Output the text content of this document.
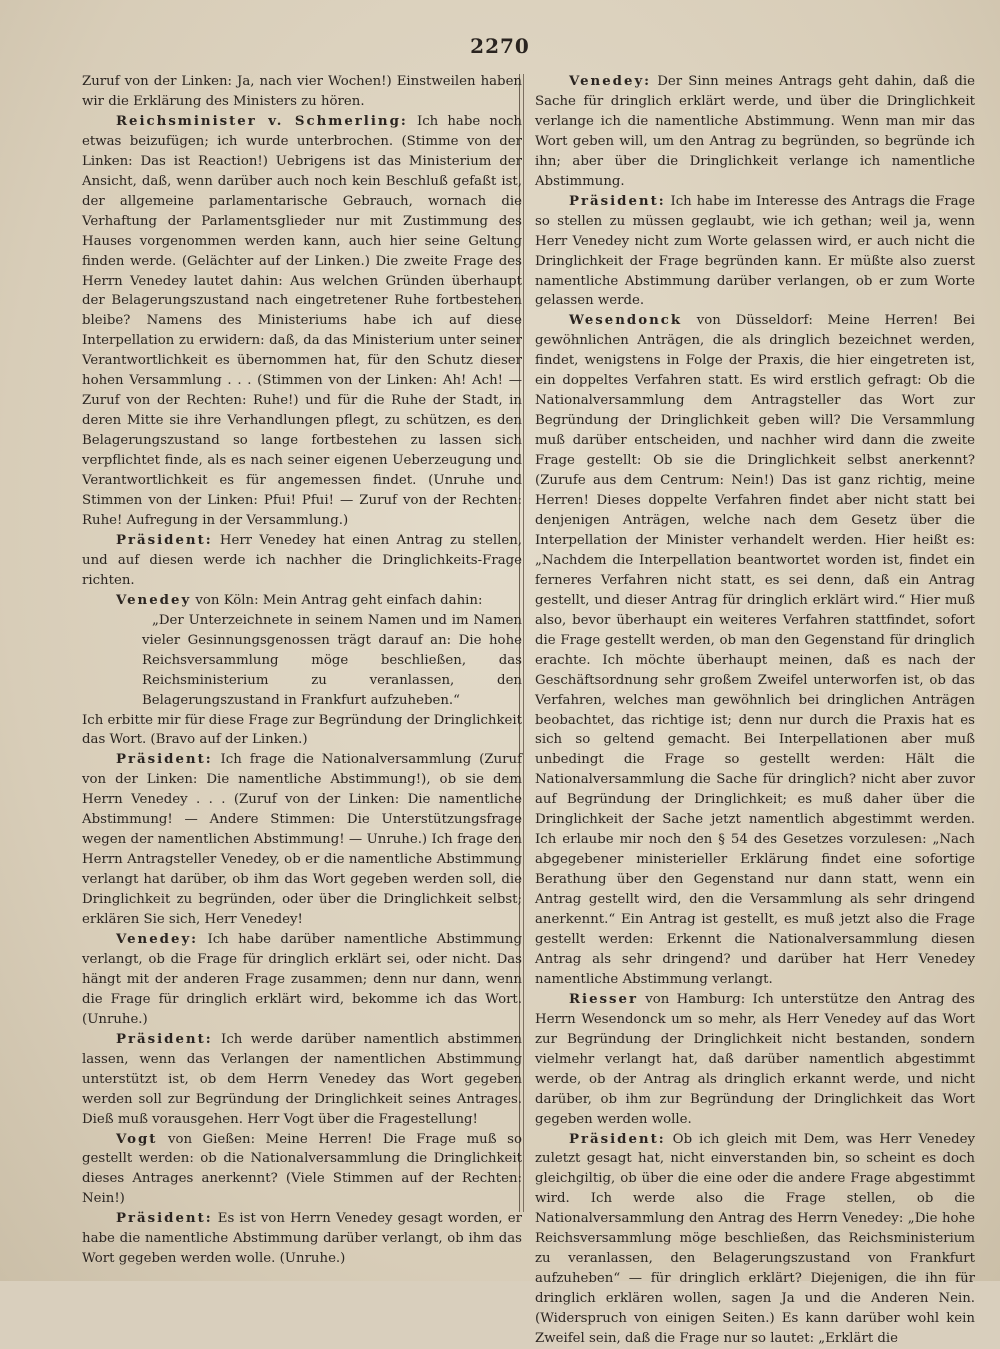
2270

Zuruf von der Linken: Ja, nach vier Wochen!) Einstweilen haben wir die Erklärung des Ministers zu hören.

Reichsminister v. Schmerling: Ich habe noch etwas beizufügen; ich wurde unterbrochen. (Stimme von der Linken: Das ist Reaction!) Uebrigens ist das Ministerium der Ansicht, daß, wenn darüber auch noch kein Beschluß gefaßt ist, der allgemeine parlamentarische Gebrauch, wornach die Verhaftung der Parlamentsglieder nur mit Zustimmung des Hauses vorgenommen werden kann, auch hier seine Geltung finden werde. (Gelächter auf der Linken.) Die zweite Frage des Herrn Venedey lautet dahin: Aus welchen Gründen überhaupt der Belagerungszustand nach eingetretener Ruhe fortbestehen bleibe? Namens des Ministeriums habe ich auf diese Interpellation zu erwidern: daß, da das Ministerium unter seiner Verantwortlichkeit es übernommen hat, für den Schutz dieser hohen Versammlung . . . (Stimmen von der Linken: Ah! Ach! — Zuruf von der Rechten: Ruhe!) und für die Ruhe der Stadt, in deren Mitte sie ihre Verhandlungen pflegt, zu schützen, es den Belagerungszustand so lange fortbestehen zu lassen sich verpflichtet finde, als es nach seiner eigenen Ueberzeugung und Verantwortlichkeit es für angemessen findet. (Unruhe und Stimmen von der Linken: Pfui! Pfui! — Zuruf von der Rechten: Ruhe! Aufregung in der Versammlung.)

Präsident: Herr Venedey hat einen Antrag zu stellen, und auf diesen werde ich nachher die Dringlichkeits-Frage richten.

Venedey von Köln: Mein Antrag geht einfach dahin:

„Der Unterzeichnete in seinem Namen und im Namen vieler Gesinnungsgenossen trägt darauf an: Die hohe Reichsversammlung möge beschließen, das Reichsministerium zu veranlassen, den Belagerungszustand in Frankfurt aufzuheben.“

Ich erbitte mir für diese Frage zur Begründung der Dringlichkeit das Wort. (Bravo auf der Linken.)

Präsident: Ich frage die Nationalversammlung (Zuruf von der Linken: Die namentliche Abstimmung!), ob sie dem Herrn Venedey . . . (Zuruf von der Linken: Die namentliche Abstimmung! — Andere Stimmen: Die Unterstützungsfrage wegen der namentlichen Abstimmung! — Unruhe.) Ich frage den Herrn Antragsteller Venedey, ob er die namentliche Abstimmung verlangt hat darüber, ob ihm das Wort gegeben werden soll, die Dringlichkeit zu begründen, oder über die Dringlichkeit selbst; erklären Sie sich, Herr Venedey!

Venedey: Ich habe darüber namentliche Abstimmung verlangt, ob die Frage für dringlich erklärt sei, oder nicht. Das hängt mit der anderen Frage zusammen; denn nur dann, wenn die Frage für dringlich erklärt wird, bekomme ich das Wort. (Unruhe.)

Präsident: Ich werde darüber namentlich abstimmen lassen, wenn das Verlangen der namentlichen Abstimmung unterstützt ist, ob dem Herrn Venedey das Wort gegeben werden soll zur Begründung der Dringlichkeit seines Antrages. Dieß muß vorausgehen. Herr Vogt über die Fragestellung!

Vogt von Gießen: Meine Herren! Die Frage muß so gestellt werden: ob die Nationalversammlung die Dringlichkeit dieses Antrages anerkennt? (Viele Stimmen auf der Rechten: Nein!)

Präsident: Es ist von Herrn Venedey gesagt worden, er habe die namentliche Abstimmung darüber verlangt, ob ihm das Wort gegeben werden wolle. (Unruhe.)

Venedey: Der Sinn meines Antrags geht dahin, daß die Sache für dringlich erklärt werde, und über die Dringlichkeit verlange ich die namentliche Abstimmung. Wenn man mir das Wort geben will, um den Antrag zu begründen, so begründe ich ihn; aber über die Dringlichkeit verlange ich namentliche Abstimmung.

Präsident: Ich habe im Interesse des Antrags die Frage so stellen zu müssen geglaubt, wie ich gethan; weil ja, wenn Herr Venedey nicht zum Worte gelassen wird, er auch nicht die Dringlichkeit der Frage begründen kann. Er müßte also zuerst namentliche Abstimmung darüber verlangen, ob er zum Worte gelassen werde.

Wesendonck von Düsseldorf: Meine Herren! Bei gewöhnlichen Anträgen, die als dringlich bezeichnet werden, findet, wenigstens in Folge der Praxis, die hier eingetreten ist, ein doppeltes Verfahren statt. Es wird erstlich gefragt: Ob die Nationalversammlung dem Antragsteller das Wort zur Begründung der Dringlichkeit geben will? Die Versammlung muß darüber entscheiden, und nachher wird dann die zweite Frage gestellt: Ob sie die Dringlichkeit selbst anerkennt? (Zurufe aus dem Centrum: Nein!) Das ist ganz richtig, meine Herren! Dieses doppelte Verfahren findet aber nicht statt bei denjenigen Anträgen, welche nach dem Gesetz über die Interpellation der Minister verhandelt werden. Hier heißt es: „Nachdem die Interpellation beantwortet worden ist, findet ein ferneres Verfahren nicht statt, es sei denn, daß ein Antrag gestellt, und dieser Antrag für dringlich erklärt wird.“ Hier muß also, bevor überhaupt ein weiteres Verfahren stattfindet, sofort die Frage gestellt werden, ob man den Gegenstand für dringlich erachte. Ich möchte überhaupt meinen, daß es nach der Geschäftsordnung sehr großem Zweifel unterworfen ist, ob das Verfahren, welches man gewöhnlich bei dringlichen Anträgen beobachtet, das richtige ist; denn nur durch die Praxis hat es sich so geltend gemacht. Bei Interpellationen aber muß unbedingt die Frage so gestellt werden: Hält die Nationalversammlung die Sache für dringlich? nicht aber zuvor auf Begründung der Dringlichkeit; es muß daher über die Dringlichkeit der Sache jetzt namentlich abgestimmt werden. Ich erlaube mir noch den § 54 des Gesetzes vorzulesen: „Nach abgegebener ministerieller Erklärung findet eine sofortige Berathung über den Gegenstand nur dann statt, wenn ein Antrag gestellt wird, den die Versammlung als sehr dringend anerkennt.“ Ein Antrag ist gestellt, es muß jetzt also die Frage gestellt werden: Erkennt die Nationalversammlung diesen Antrag als sehr dringend? und darüber hat Herr Venedey namentliche Abstimmung verlangt.

Riesser von Hamburg: Ich unterstütze den Antrag des Herrn Wesendonck um so mehr, als Herr Venedey auf das Wort zur Begründung der Dringlichkeit nicht bestanden, sondern vielmehr verlangt hat, daß darüber namentlich abgestimmt werde, ob der Antrag als dringlich erkannt werde, und nicht darüber, ob ihm zur Begründung der Dringlichkeit das Wort gegeben werden wolle.

Präsident: Ob ich gleich mit Dem, was Herr Venedey zuletzt gesagt hat, nicht einverstanden bin, so scheint es doch gleichgiltig, ob über die eine oder die andere Frage abgestimmt wird. Ich werde also die Frage stellen, ob die Nationalversammlung den Antrag des Herrn Venedey: „Die hohe Reichsversammlung möge beschließen, das Reichsministerium zu veranlassen, den Belagerungszustand von Frankfurt aufzuheben“ — für dringlich erklärt? Diejenigen, die ihn für dringlich erklären wollen, sagen Ja und die Anderen Nein. (Widerspruch von einigen Seiten.) Es kann darüber wohl kein Zweifel sein, daß die Frage nur so lautet: „Erklärt die
